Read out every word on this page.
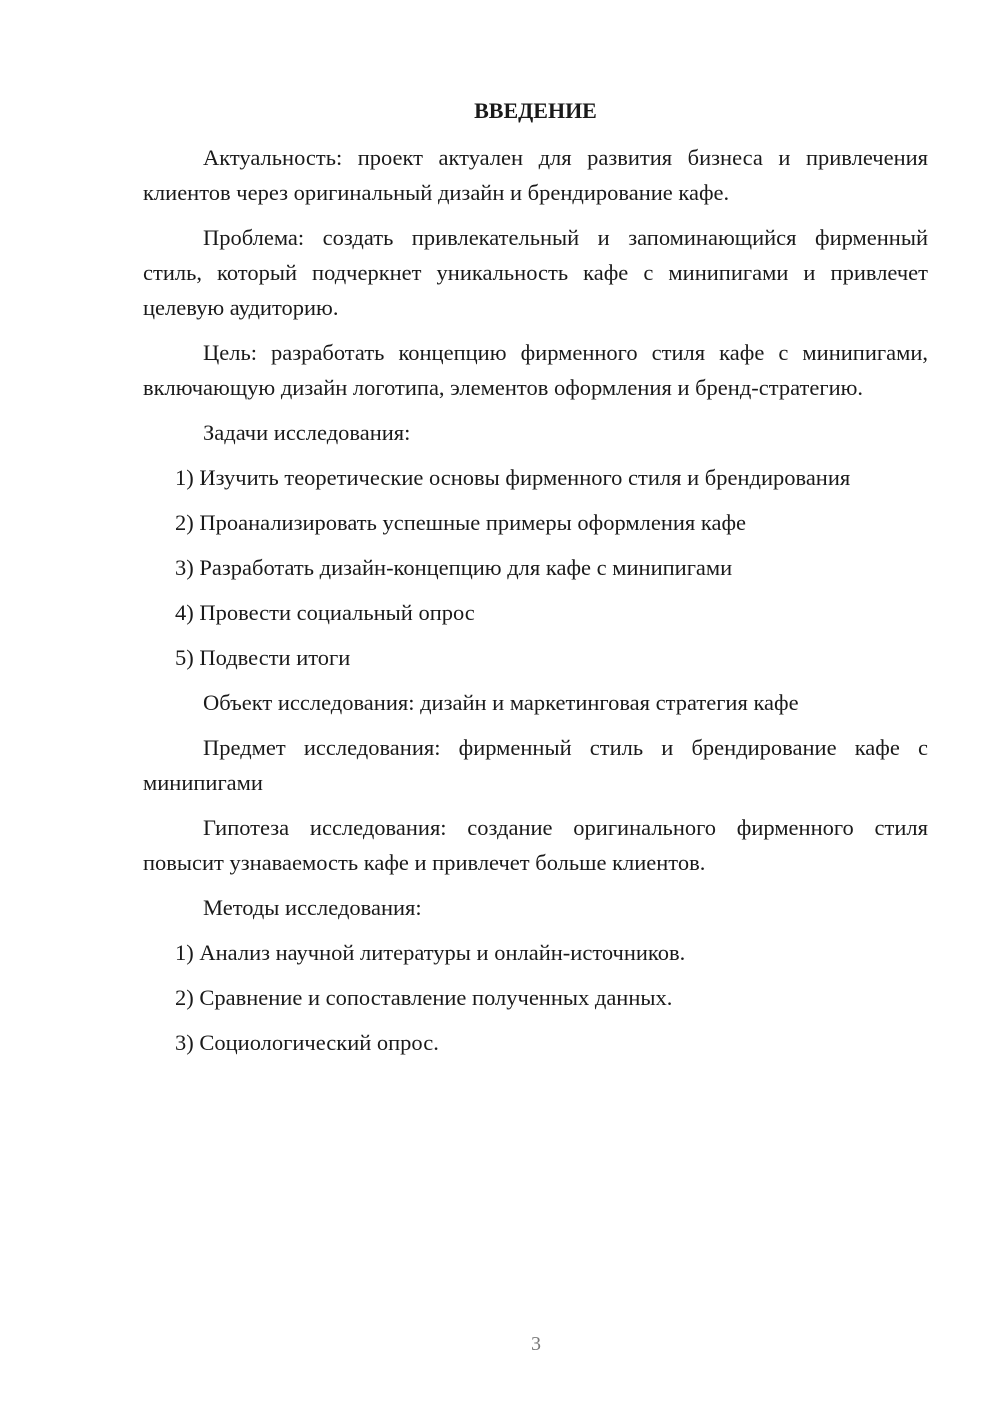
ВВЕДЕНИЕ

Актуальность: проект актуален для развития бизнеса и привлечения клиентов через оригинальный дизайн и брендирование кафе.

Проблема: создать привлекательный и запоминающийся фирменный стиль, который подчеркнет уникальность кафе с минипигами и привлечет целевую аудиторию.

Цель: разработать концепцию фирменного стиля кафе с минипигами, включающую дизайн логотипа, элементов оформления и бренд-стратегию.

Задачи исследования:

1) Изучить теоретические основы фирменного стиля и брендирования

2) Проанализировать успешные примеры оформления кафе

3) Разработать дизайн-концепцию для кафе с минипигами

4) Провести социальный опрос

5) Подвести итоги

Объект исследования: дизайн и маркетинговая стратегия кафе

Предмет исследования: фирменный стиль и брендирование кафе с минипигами

Гипотеза исследования: создание оригинального фирменного стиля повысит узнаваемость кафе и привлечет больше клиентов.

Методы исследования:

1) Анализ научной литературы и онлайн-источников.

2) Сравнение и сопоставление полученных данных.

3) Социологический опрос.

3
